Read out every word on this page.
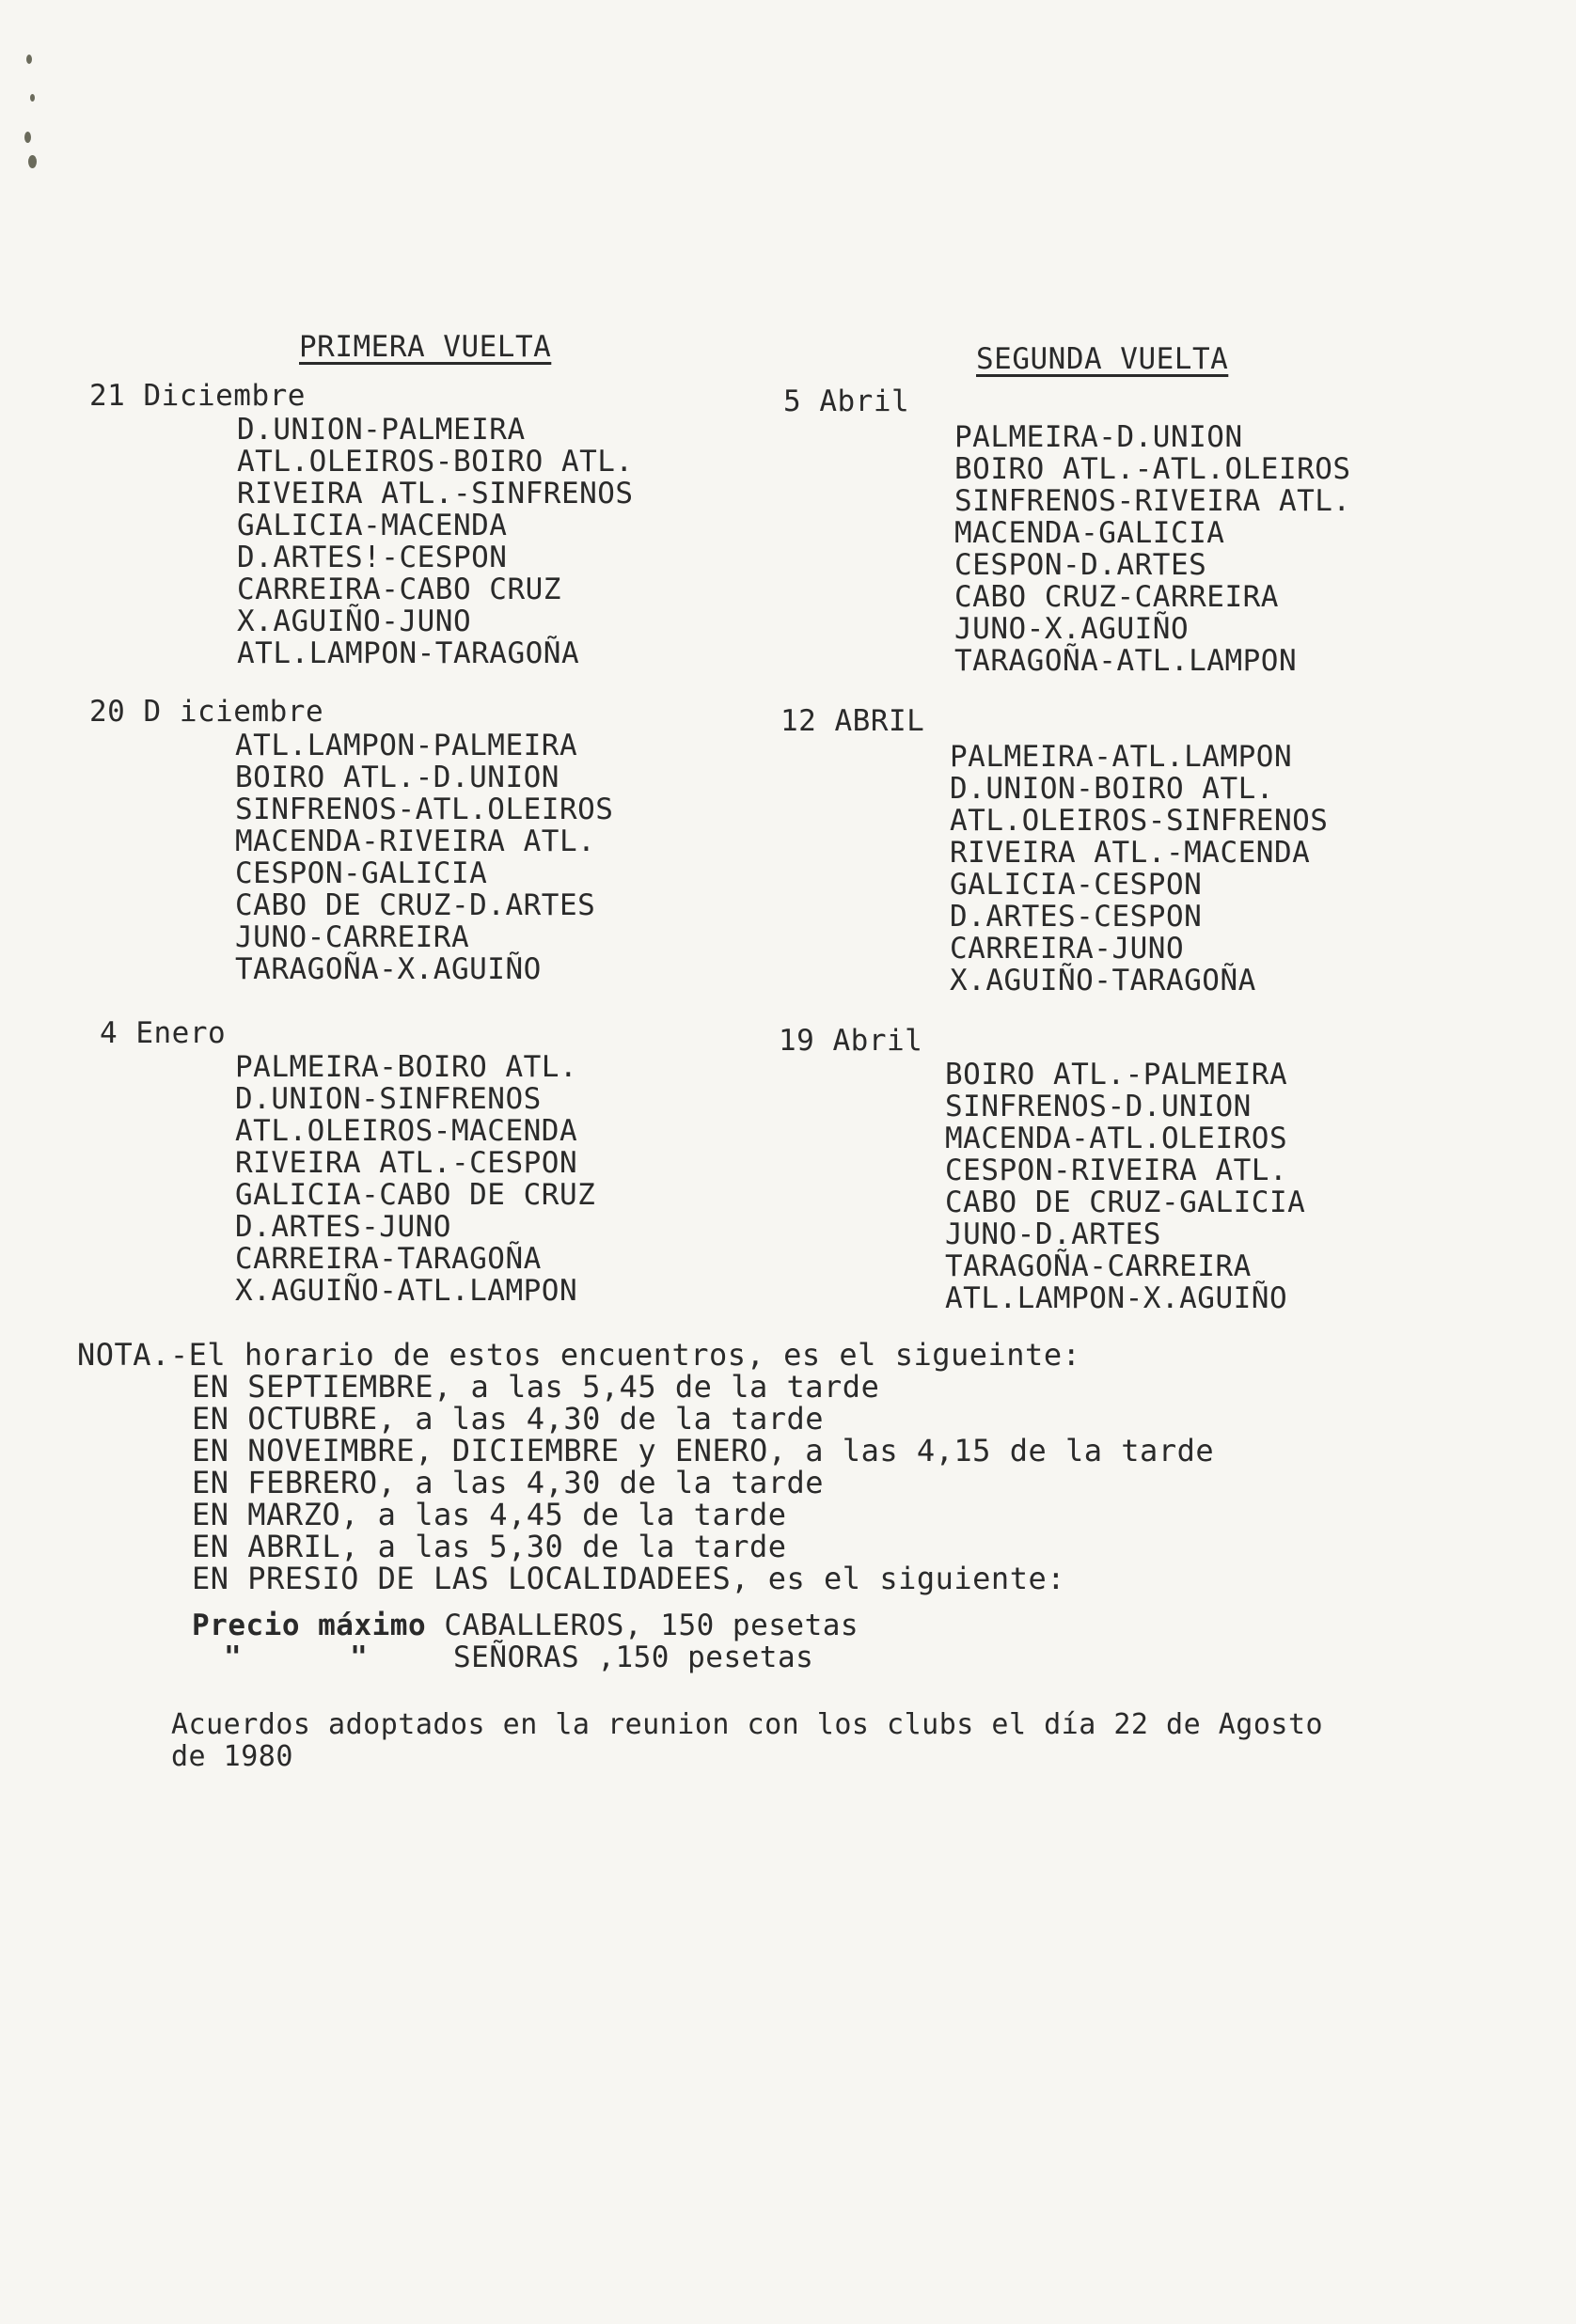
PRIMERA VUELTA	SEGUNDA VUELTA
21 Diciembre
D.UNION-PALMEIRA
ATL.OLEIROS-BOIRO ATL.
RIVEIRA ATL.-SINFRENOS
GALICIA-MACENDA
D.ARTES!-CESPON
CARREIRA-CABO CRUZ
X.AGUIÑO-JUNO
ATL.LAMPON-TARAGOÑA
20 D iciembre
ATL.LAMPON-PALMEIRA
BOIRO ATL.-D.UNION
SINFRENOS-ATL.OLEIROS
MACENDA-RIVEIRA ATL.
CESPON-GALICIA
CABO DE CRUZ-D.ARTES
JUNO-CARREIRA
TARAGOÑA-X.AGUIÑO
4 Enero
PALMEIRA-BOIRO ATL.
D.UNION-SINFRENOS
ATL.OLEIROS-MACENDA
RIVEIRA ATL.-CESPON
GALICIA-CABO DE CRUZ
D.ARTES-JUNO
CARREIRA-TARAGOÑA
X.AGUIÑO-ATL.LAMPON
5 Abril
PALMEIRA-D.UNION
BOIRO ATL.-ATL.OLEIROS
SINFRENOS-RIVEIRA ATL.
MACENDA-GALICIA
CESPON-D.ARTES
CABO CRUZ-CARREIRA
JUNO-X.AGUIÑO
TARAGOÑA-ATL.LAMPON
12 ABRIL
PALMEIRA-ATL.LAMPON
D.UNION-BOIRO ATL.
ATL.OLEIROS-SINFRENOS
RIVEIRA ATL.-MACENDA
GALICIA-CESPON
D.ARTES-CESPON
CARREIRA-JUNO
X.AGUIÑO-TARAGOÑA
19 Abril
BOIRO ATL.-PALMEIRA
SINFRENOS-D.UNION
MACENDA-ATL.OLEIROS
CESPON-RIVEIRA ATL.
CABO DE CRUZ-GALICIA
JUNO-D.ARTES
TARAGOÑA-CARREIRA
ATL.LAMPON-X.AGUIÑO
NOTA.-El horario de estos encuentros, es el sigueinte:
EN SEPTIEMBRE, a las 5,45 de la tarde
EN OCTUBRE, a las 4,30 de la tarde
EN NOVEIMBRE, DICIEMBRE y ENERO, a las 4,15 de la tarde
EN FEBRERO, a las 4,30 de la tarde
EN MARZO, a las 4,45 de la tarde
EN ABRIL, a las 5,30 de la tarde
EN PRESIO DE LAS LOCALIDADEES, es el siguiente:
Precio máximo CABALLEROS, 150 pesetas
"      "	SEÑORAS ,150 pesetas
Acuerdos adoptados en la reunion con los clubs el día 22 de Agosto
de 1980
